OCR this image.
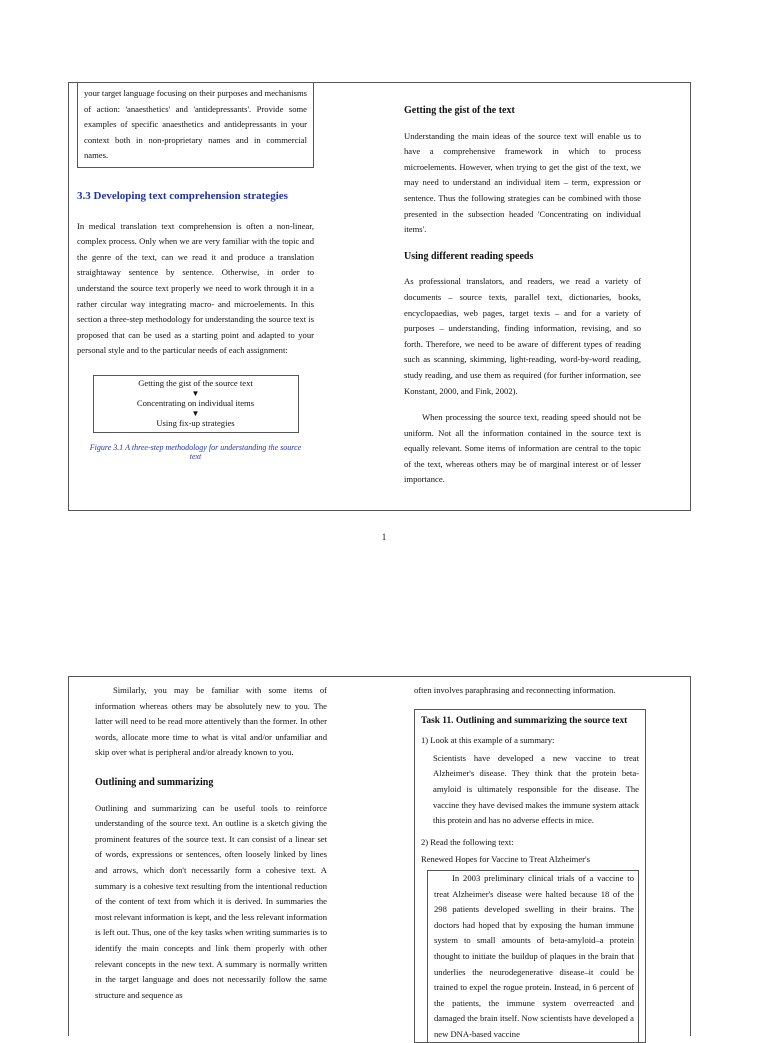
your target language focusing on their purposes and mechanisms of action: 'anaesthetics' and 'antidepressants'. Provide some examples of specific anaesthetics and antidepressants in your context both in non-proprietary names and in commercial names.

3.3 Developing text comprehension strategies

In medical translation text comprehension is often a non-linear, complex process. Only when we are very familiar with the topic and the genre of the text, can we read it and produce a translation straightaway sentence by sentence. Otherwise, in order to understand the source text properly we need to work through it in a rather circular way integrating macro- and microelements. In this section a three-step methodology for understanding the source text is proposed that can be used as a starting point and adapted to your personal style and to the particular needs of each assignment:

Getting the gist of the source text
▼
Concentrating on individual items
▼
Using fix-up strategies
Figure 3.1 A three-step methodology for understanding the source text
Getting the gist of the text

Understanding the main ideas of the source text will enable us to have a comprehensive framework in which to process microelements. However, when trying to get the gist of the text, we may need to understand an individual item – term, expression or sentence. Thus the following strategies can be combined with those presented in the subsection headed 'Concentrating on individual items'.

Using different reading speeds

As professional translators, and readers, we read a variety of documents – source texts, parallel text, dictionaries, books, encyclopaedias, web pages, target texts – and for a variety of purposes – understanding, finding information, revising, and so forth. Therefore, we need to be aware of different types of reading such as scanning, skimming, light-reading, word-by-word reading, study reading, and use them as required (for further information, see Konstant, 2000, and Fink, 2002).

When processing the source text, reading speed should not be uniform. Not all the information contained in the source text is equally relevant. Some items of information are central to the topic of the text, whereas others may be of marginal interest or of lesser importance.

1

Similarly, you may be familiar with some items of information whereas others may be absolutely new to you. The latter will need to be read more attentively than the former. In other words, allocate more time to what is vital and/or unfamiliar and skip over what is peripheral and/or already known to you.

Outlining and summarizing

Outlining and summarizing can be useful tools to reinforce understanding of the source text. An outline is a sketch giving the prominent features of the source text. It can consist of a linear set of words, expressions or sentences, often loosely linked by lines and arrows, which don't necessarily form a cohesive text. A summary is a cohesive text resulting from the intentional reduction of the content of text from which it is derived. In summaries the most relevant information is kept, and the less relevant information is left out. Thus, one of the key tasks when writing summaries is to identify the main concepts and link them properly with other relevant concepts in the new text. A summary is normally written in the target language and does not necessarily follow the same structure and sequence as

often involves paraphrasing and reconnecting information.

Task 11. Outlining and summarizing the source text

1) Look at this example of a summary:

Scientists have developed a new vaccine to treat Alzheimer's disease. They think that the protein beta-amyloid is ultimately responsible for the disease. The vaccine they have devised makes the immune system attack this protein and has no adverse effects in mice.

2) Read the following text:

Renewed Hopes for Vaccine to Treat Alzheimer's

In 2003 preliminary clinical trials of a vaccine to treat Alzheimer's disease were halted because 18 of the 298 patients developed swelling in their brains. The doctors had hoped that by exposing the human immune system to small amounts of beta-amyloid–a protein thought to initiate the buildup of plaques in the brain that underlies the neurodegenerative disease–it could be trained to expel the rogue protein. Instead, in 6 percent of the patients, the immune system overreacted and damaged the brain itself. Now scientists have developed a new DNA-based vaccine
